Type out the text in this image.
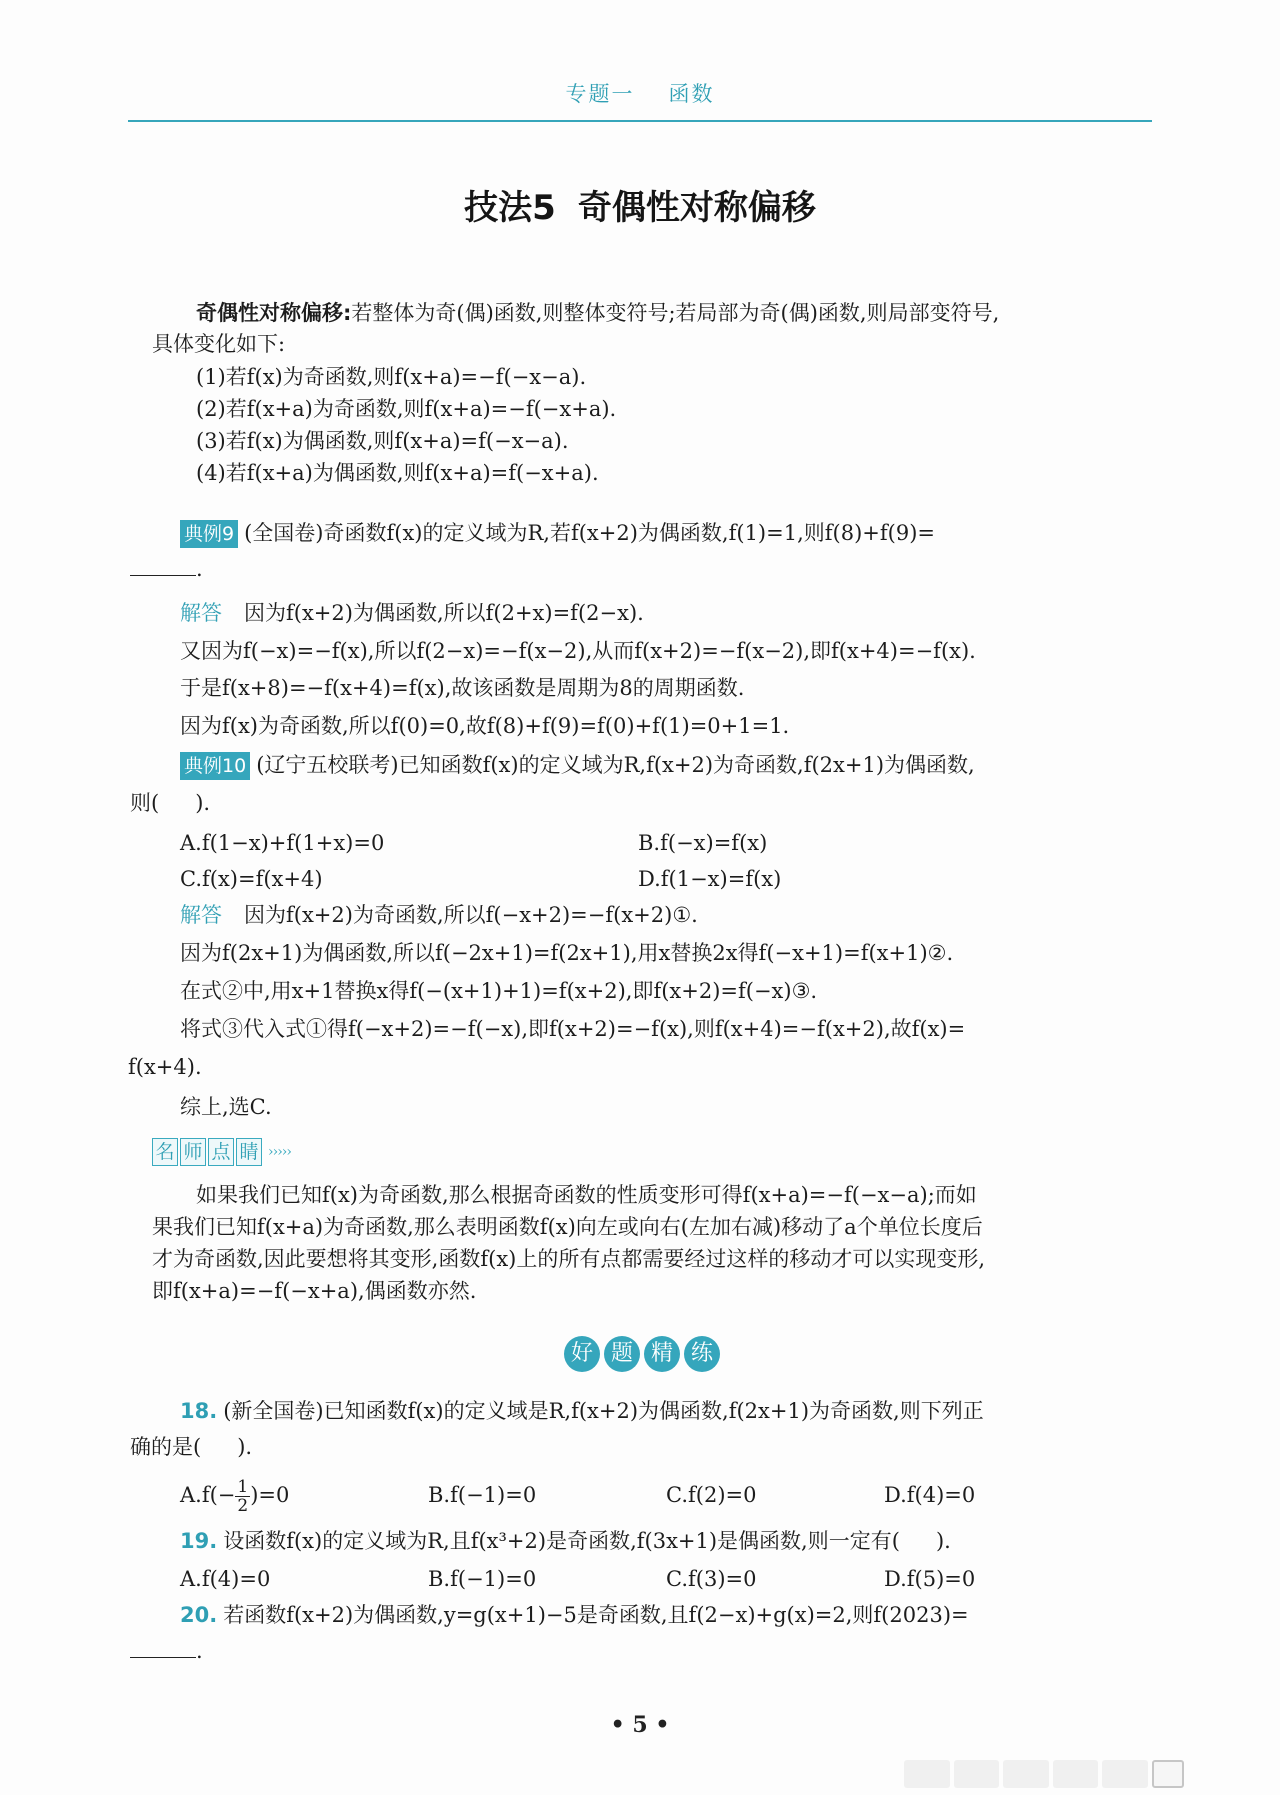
专题一 函数
技法5 奇偶性对称偏移
奇偶性对称偏移:若整体为奇(偶)函数,则整体变符号;若局部为奇(偶)函数,则局部变符号,
具体变化如下:
(1)若f(x)为奇函数,则f(x+a)=−f(−x−a).
(2)若f(x+a)为奇函数,则f(x+a)=−f(−x+a).
(3)若f(x)为偶函数,则f(x+a)=f(−x−a).
(4)若f(x+a)为偶函数,则f(x+a)=f(−x+a).
典例9 (全国卷)奇函数f(x)的定义域为R,若f(x+2)为偶函数,f(1)=1,则f(8)+f(9)=
.
解答 因为f(x+2)为偶函数,所以f(2+x)=f(2−x).
又因为f(−x)=−f(x),所以f(2−x)=−f(x−2),从而f(x+2)=−f(x−2),即f(x+4)=−f(x).
于是f(x+8)=−f(x+4)=f(x),故该函数是周期为8的周期函数.
因为f(x)为奇函数,所以f(0)=0,故f(8)+f(9)=f(0)+f(1)=0+1=1.
典例10 (辽宁五校联考)已知函数f(x)的定义域为R,f(x+2)为奇函数,f(2x+1)为偶函数,
则( ).
A.f(1−x)+f(1+x)=0	B.f(−x)=f(x)
C.f(x)=f(x+4)	D.f(1−x)=f(x)
解答 因为f(x+2)为奇函数,所以f(−x+2)=−f(x+2)①.
因为f(2x+1)为偶函数,所以f(−2x+1)=f(2x+1),用x替换2x得f(−x+1)=f(x+1)②.
在式②中,用x+1替换x得f(−(x+1)+1)=f(x+2),即f(x+2)=f(−x)③.
将式③代入式①得f(−x+2)=−f(−x),即f(x+2)=−f(x),则f(x+4)=−f(x+2),故f(x)=
f(x+4).
综上,选C.
名 师 点 睛 ›››››
如果我们已知f(x)为奇函数,那么根据奇函数的性质变形可得f(x+a)=−f(−x−a);而如
果我们已知f(x+a)为奇函数,那么表明函数f(x)向左或向右(左加右减)移动了a个单位长度后
才为奇函数,因此要想将其变形,函数f(x)上的所有点都需要经过这样的移动才可以实现变形,
即f(x+a)=−f(−x+a),偶函数亦然.
好 题 精 练
18. (新全国卷)已知函数f(x)的定义域是R,f(x+2)为偶函数,f(2x+1)为奇函数,则下列正
确的是( ).
$A.f(- \frac{1}{2} )=0$	B.f(−1)=0	C.f(2)=0	D.f(4)=0
19. 设函数f(x)的定义域为R,且f(x³+2)是奇函数,f(3x+1)是偶函数,则一定有( ).
A.f(4)=0	B.f(−1)=0	C.f(3)=0	D.f(5)=0
20. 若函数f(x+2)为偶函数,y=g(x+1)−5是奇函数,且f(2−x)+g(x)=2,则f(2023)=
.
• 5 •
